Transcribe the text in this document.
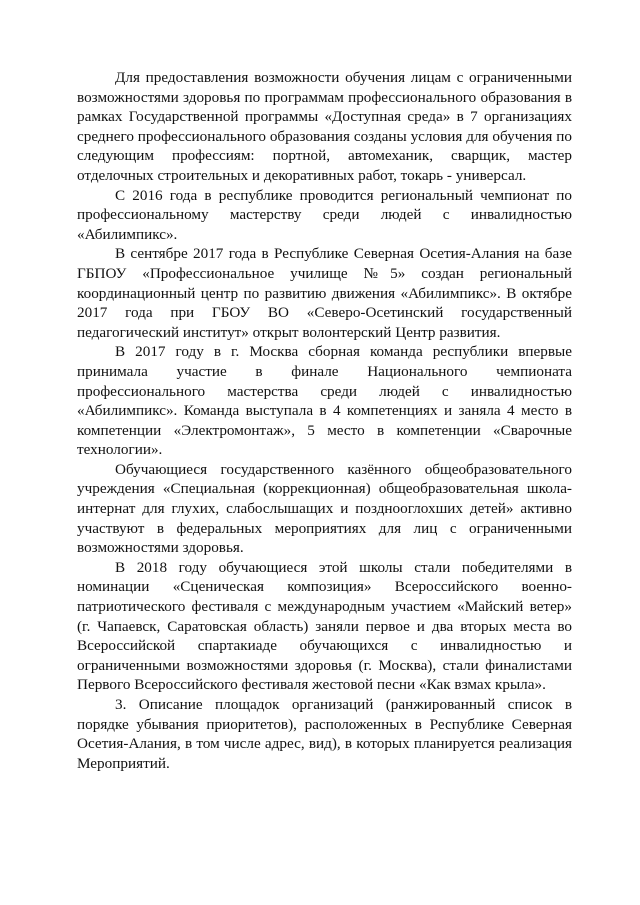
Для предоставления возможности обучения лицам с ограниченными возможностями здоровья по программам профессионального образования в рамках Государственной программы «Доступная среда» в 7 организациях среднего профессионального образования созданы условия для обучения по следующим профессиям: портной, автомеханик, сварщик, мастер отделочных строительных и декоративных работ, токарь - универсал.

С 2016 года в республике проводится региональный чемпионат по профессиональному мастерству среди людей с инвалидностью «Абилимпикс».

В сентябре 2017 года в Республике Северная Осетия-Алания на базе ГБПОУ «Профессиональное училище №5» создан региональный координационный центр по развитию движения «Абилимпикс». В октябре 2017 года при ГБОУ ВО «Северо-Осетинский государственный педагогический институт» открыт волонтерский Центр развития.

В 2017 году в г. Москва сборная команда республики впервые принимала участие в финале Национального чемпионата профессионального мастерства среди людей с инвалидностью «Абилимпикс». Команда выступала в 4 компетенциях и заняла 4 место в компетенции «Электромонтаж», 5 место в компетенции «Сварочные технологии».

Обучающиеся государственного казённого общеобразовательного учреждения «Специальная (коррекционная) общеобразовательная школа-интернат для глухих, слабослышащих и позднооглохших детей» активно участвуют в федеральных мероприятиях для лиц с ограниченными возможностями здоровья.

В 2018 году обучающиеся этой школы стали победителями в номинации «Сценическая композиция» Всероссийского военно-патриотического фестиваля с международным участием «Майский ветер» (г. Чапаевск, Саратовская область) заняли первое и два вторых места во Всероссийской спартакиаде обучающихся с инвалидностью и ограниченными возможностями здоровья (г. Москва), стали финалистами Первого Всероссийского фестиваля жестовой песни «Как взмах крыла».

3. Описание площадок организаций (ранжированный список в порядке убывания приоритетов), расположенных в Республике Северная Осетия-Алания, в том числе адрес, вид), в которых планируется реализация Мероприятий.
